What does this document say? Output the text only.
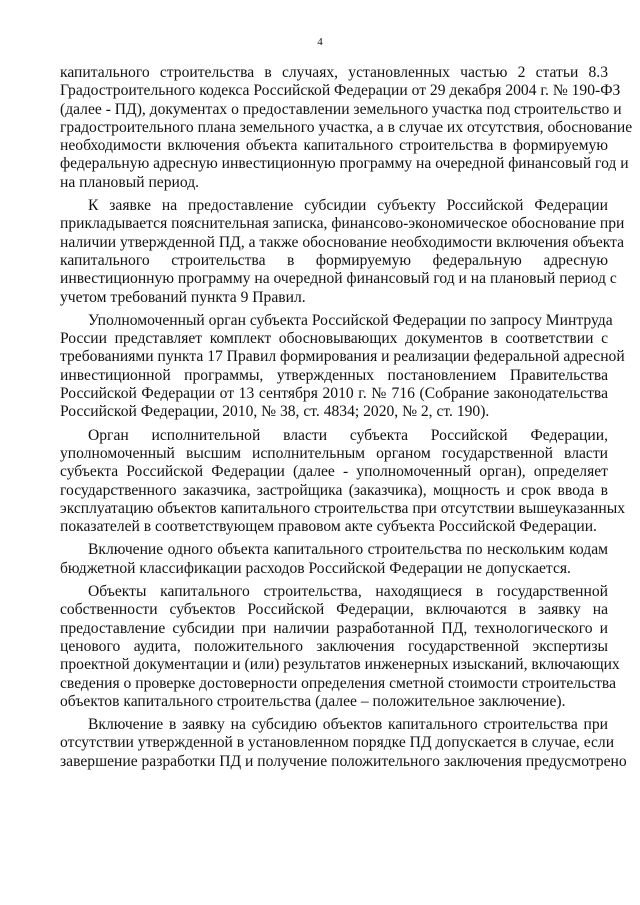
4

капитального строительства в случаях, установленных частью 2 статьи 8.3
Градостроительного кодекса Российской Федерации от 29 декабря 2004 г. № 190-ФЗ
(далее - ПД), документах о предоставлении земельного участка под строительство и
градостроительного плана земельного участка, а в случае их отсутствия, обоснование
необходимости включения объекта капитального строительства в формируемую
федеральную адресную инвестиционную программу на очередной финансовый год и
на плановый период.

К заявке на предоставление субсидии субъекту Российской Федерации
прикладывается пояснительная записка, финансово-экономическое обоснование при
наличии утвержденной ПД, а также обоснование необходимости включения объекта
капитального строительства в формируемую федеральную адресную
инвестиционную программу на очередной финансовый год и на плановый период с
учетом требований пункта 9 Правил.

Уполномоченный орган субъекта Российской Федерации по запросу Минтруда
России представляет комплект обосновывающих документов в соответствии с
требованиями пункта 17 Правил формирования и реализации федеральной адресной
инвестиционной программы, утвержденных постановлением Правительства
Российской Федерации от 13 сентября 2010 г. № 716 (Собрание законодательства
Российской Федерации, 2010, № 38, ст. 4834; 2020, № 2, ст. 190).

Орган исполнительной власти субъекта Российской Федерации,
уполномоченный высшим исполнительным органом государственной власти
субъекта Российской Федерации (далее - уполномоченный орган), определяет
государственного заказчика, застройщика (заказчика), мощность и срок ввода в
эксплуатацию объектов капитального строительства при отсутствии вышеуказанных
показателей в соответствующем правовом акте субъекта Российской Федерации.

Включение одного объекта капитального строительства по нескольким кодам
бюджетной классификации расходов Российской Федерации не допускается.

Объекты капитального строительства, находящиеся в государственной
собственности субъектов Российской Федерации, включаются в заявку на
предоставление субсидии при наличии разработанной ПД, технологического и
ценового аудита, положительного заключения государственной экспертизы
проектной документации и (или) результатов инженерных изысканий, включающих
сведения о проверке достоверности определения сметной стоимости строительства
объектов капитального строительства (далее – положительное заключение).

Включение в заявку на субсидию объектов капитального строительства при
отсутствии утвержденной в установленном порядке ПД допускается в случае, если
завершение разработки ПД и получение положительного заключения предусмотрено
